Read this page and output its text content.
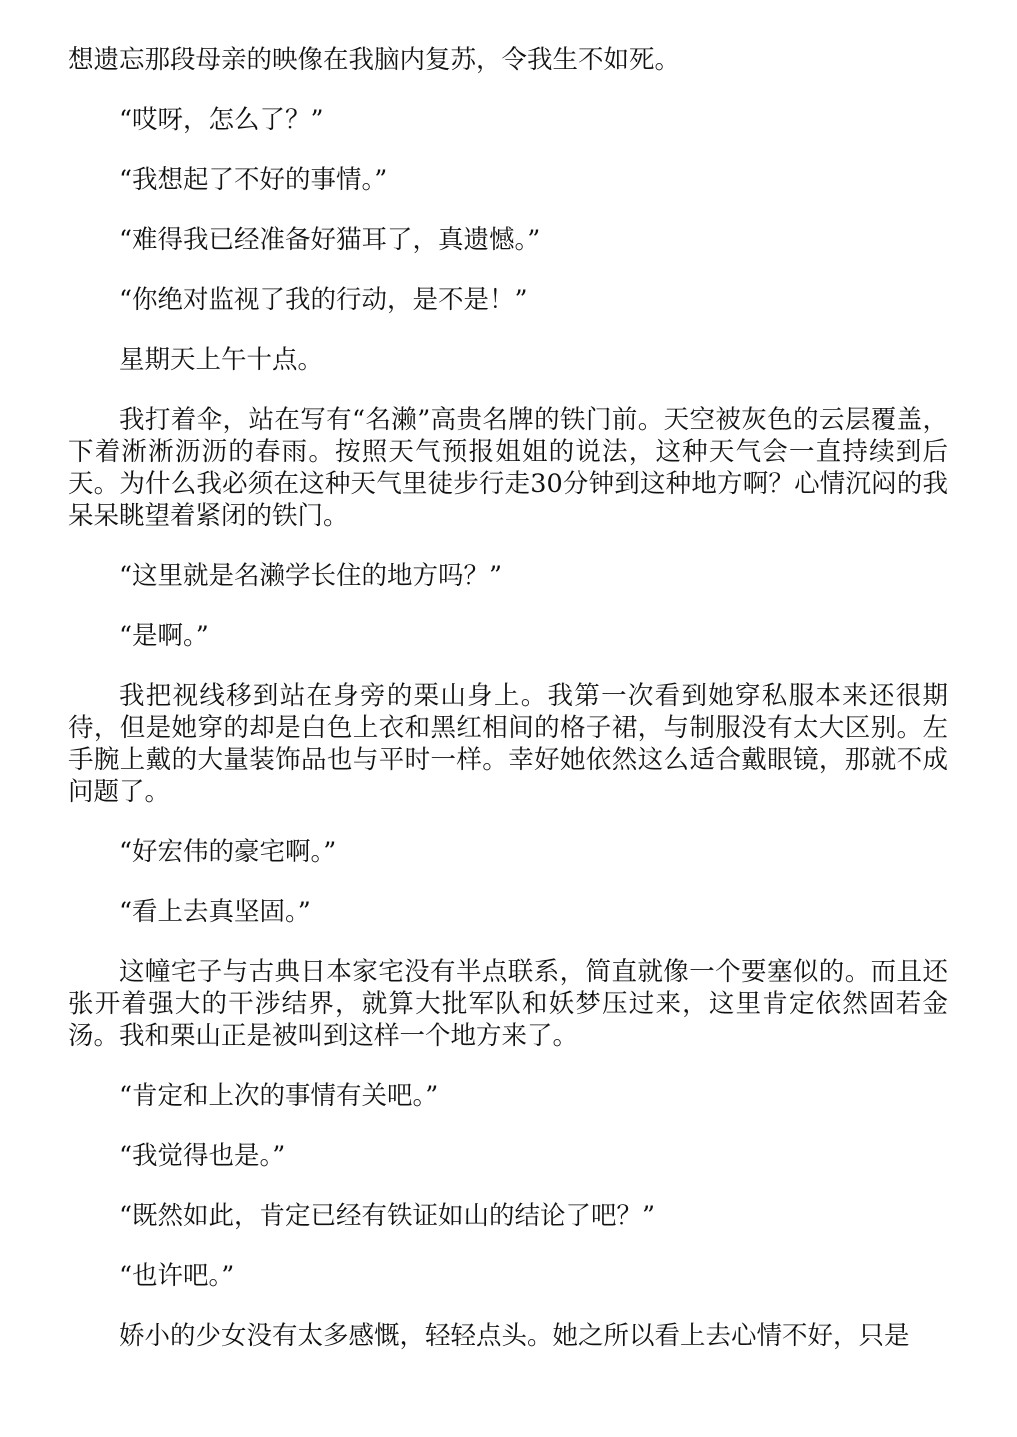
想遗忘那段母亲的映像在我脑内复苏，令我生不如死。

“哎呀，怎么了？”

“我想起了不好的事情。”

“难得我已经准备好猫耳了，真遗憾。”

“你绝对监视了我的行动，是不是！”

星期天上午十点。

我打着伞，站在写有“名濑”高贵名牌的铁门前。天空被灰色的云层覆盖，下着淅淅沥沥的春雨。按照天气预报姐姐的说法，这种天气会一直持续到后天。为什么我必须在这种天气里徒步行走30分钟到这种地方啊？心情沉闷的我呆呆眺望着紧闭的铁门。

“这里就是名濑学长住的地方吗？”

“是啊。”

我把视线移到站在身旁的栗山身上。我第一次看到她穿私服本来还很期待，但是她穿的却是白色上衣和黑红相间的格子裙，与制服没有太大区别。左手腕上戴的大量装饰品也与平时一样。幸好她依然这么适合戴眼镜，那就不成问题了。

“好宏伟的豪宅啊。”

“看上去真坚固。”

这幢宅子与古典日本家宅没有半点联系，简直就像一个要塞似的。而且还张开着强大的干涉结界，就算大批军队和妖梦压过来，这里肯定依然固若金汤。我和栗山正是被叫到这样一个地方来了。

“肯定和上次的事情有关吧。”

“我觉得也是。”

“既然如此，肯定已经有铁证如山的结论了吧？”

“也许吧。”

娇小的少女没有太多感慨，轻轻点头。她之所以看上去心情不好，只是
